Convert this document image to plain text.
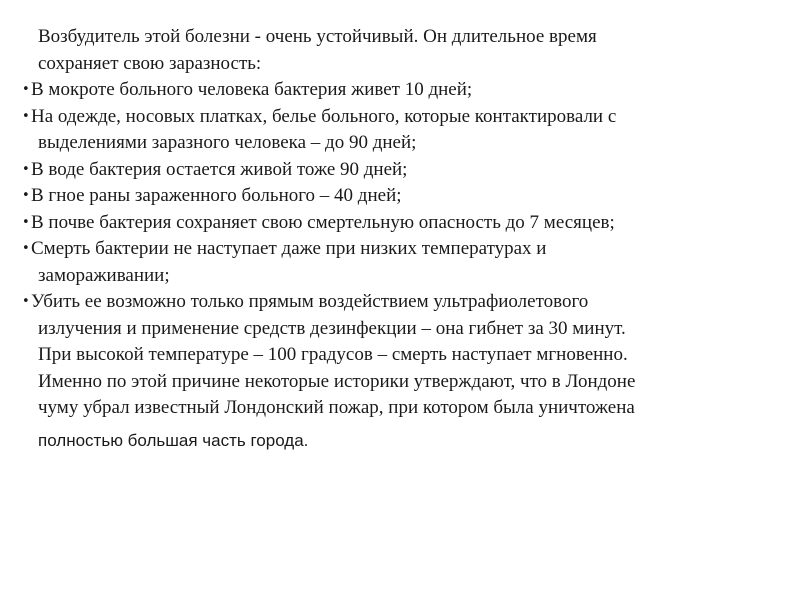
Возбудитель этой болезни - очень устойчивый. Он длительное время
сохраняет свою заразность:

• В мокроте больного человека бактерия живет 10 дней;
• На одежде, носовых платках, белье больного, которые контактировали с
выделениями заразного человека – до 90 дней;
• В воде бактерия остается живой тоже 90 дней;
• В гное раны зараженного больного – 40 дней;
• В почве бактерия сохраняет свою смертельную опасность до 7 месяцев;
• Смерть бактерии не наступает даже при низких температурах и
замораживании;
• Убить ее возможно только прямым воздействием ультрафиолетового
излучения и применение средств дезинфекции – она гибнет за 30 минут.

При высокой температуре – 100 градусов – смерть наступает мгновенно.
Именно по этой причине некоторые историки утверждают, что в Лондоне
чуму убрал известный Лондонский пожар, при котором была уничтожена
полностью большая часть города.
